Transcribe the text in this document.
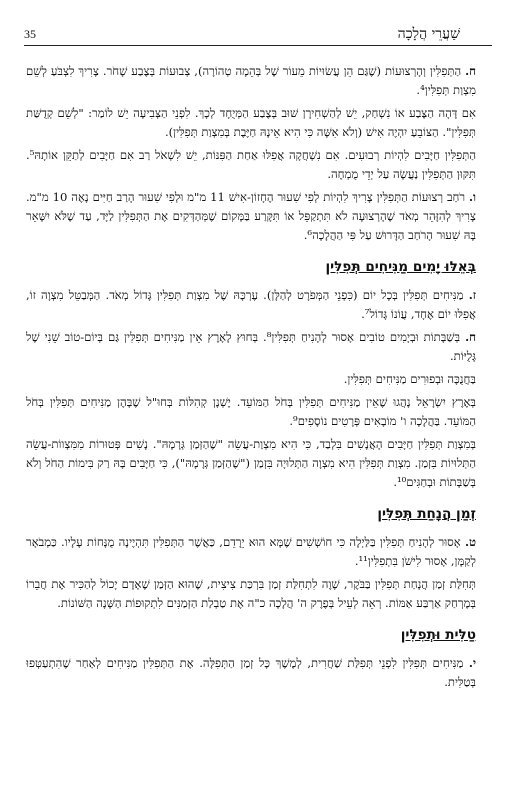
שַׁעֲרֵי הֲלָכָה
35

ח. הַתְּפִלִּין וְהָרְצוּעוֹת (שֶׁגַּם הֵן עֲשׂוּיוֹת מֵעוֹר שֶׁל בְּהֵמָה טְהוֹרָה), צְבוּעוֹת בְּצֶבַע שָׁחֹר. צָרִיךְ לִצְבֹּעַ לְשֵׁם מִצְוַת תְּפִלִּין⁴.

אִם דָּהָה הַצֶּבַע אוֹ נִשְׁחַק, יֵשׁ לְהַשְׁחִירָן שׁוּב בְּצֶבַע הַמְּיֻחָד לְכָךְ. לִפְנֵי הַצְּבִיעָה יֵשׁ לוֹמַר: "לְשֵׁם קְדֻשַּׁת תְּפִלִּין". הַצּוֹבֵעַ יִהְיֶה אִישׁ (וְלֹא אִשָּׁה כִּי הִיא אֵינָהּ חַיֶּבֶת בְּמִצְוַת תְּפִלִּין).

הַתְּפִלִּין חַיָּבִים לִהְיוֹת רְבוּעִים. אִם נִשְׁחֲקָה אֲפִלּוּ אַחַת הַפִּנּוֹת, יֵשׁ לִשְׁאֹל רַב אִם חַיָּבִים לְתַקֵּן אוֹתָהּ⁵. תִּקּוּן הַתְּפִלִּין נַעֲשָׂה עַל יְדֵי מֻמְחֶה.

ו. רֹחַב רְצוּעוֹת הַתְּפִלִּין צָרִיךְ לִהְיוֹת לְפִי שִׁעוּר הֶחָזוֹן-אִישׁ 11 מ"מ וּלְפִי שִׁעוּר הָרַב חַיִּים נָאֶה 10 מ"מ. צָרִיךְ לְהִזָּהֵר מְאֹד שֶׁהָרְצוּעָה לֹא תִּתְקַפֵּל אוֹ תִּקָּרַע בַּמָּקוֹם שֶׁמְּהַדְּקִים אֶת הַתְּפִלִּין לַיָּד, עַד שֶׁלֹּא יִשָּׁאֵר בָּהּ שִׁעוּר הָרֹחַב הַדָּרוּשׁ עַל פִּי הַהֲלָכָה⁶.

בְּאֵלּוּ יָמִים מַנִּיחִים תְּפִלִּין

ז. מַנִּיחִים תְּפִלִּין בְּכָל יוֹם (כִּפְנֵי הַמְּפֹרָט לְהַלָּן). עֶרְכָּהּ שֶׁל מִצְוַת תְּפִלִּין גָּדוֹל מְאֹד. הַמְּבַטֵּל מִצְוָה זוֹ, אֲפִלּוּ יוֹם אֶחָד, עֲוֹנוֹ גָּדוֹל⁷.

ח. בְּשַׁבָּתוֹת וּבְיָמִים טוֹבִים אָסוּר לְהָנִיחַ תְּפִלִּין⁸. בְּחוּץ לָאָרֶץ אֵין מַנִּיחִים תְּפִלִּין גַּם בְּיוֹם-טוֹב שֵׁנִי שֶׁל גָּלֻיּוֹת.

בַּחֲנֻכָּה וּבְפוּרִים מַנִּיחִים תְּפִלִּין.

בְּאֶרֶץ יִשְׂרָאֵל נָהֲגוּ שֶׁאֵין מַנִּיחִים תְּפִלִּין בְּחֹל הַמּוֹעֵד. יֶשְׁנָן קְהִלּוֹת בְּחוּ"ל שֶׁבָּהֶן מַנִּיחִים תְּפִלִּין בְּחֹל הַמּוֹעֵד. בַּהֲלָכָה ו' מוֹבָאִים פְּרָטִים נוֹסָפִים⁹.

בְּמִצְוַת תְּפִלִּין חַיָּבִים הָאֲנָשִׁים בִּלְבַד, כִּי הִיא מִצְוַת-עֲשֵׂה "שֶׁהַזְּמַן גְּרָמָהּ". נָשִׁים פְּטוּרוֹת מִמִּצְווֹת-עֲשֵׂה הַתְּלוּיוֹת בִּזְמַן. מִצְוַת תְּפִלִּין הִיא מִצְוָה הַתְּלוּיָה בִּזְמַן ("שֶׁהַזְּמַן גְּרָמָהּ"), כִּי חַיָּבִים בָּהּ רַק בִּימוֹת הַחֹל וְלֹא בְּשַׁבָּתוֹת וּבְחַגִּים¹⁰.

זְמַן הֲנָחַת תְּפִלִּין

ט. אָסוּר לְהָנִיחַ תְּפִלִּין בַּלַּיְלָה כִּי חוֹשְׁשִׁים שֶׁמָּא הוּא יֵרָדֵם, כַּאֲשֶׁר הַתְּפִלִּין תִּהְיֶינָה מֻנָּחוֹת עָלָיו. כַּמְבֹאָר לְקַמָּן, אָסוּר לִישֹׁן בִּתְפִלִּין¹¹.

תְּחִלַּת זְמַן הֲנָחַת תְּפִלִּין בַּבֹּקֶר, שָׁוֶה לִתְחִלַּת זְמַן בִּרְכַּת צִיצִית, שֶׁהוּא הַזְּמַן שֶׁאָדָם יָכוֹל לְהַכִּיר אֶת חֲבֵרוֹ בְּמֶרְחַק אַרְבַּע אַמּוֹת. רְאֵה לְעֵיל בְּפֶרֶק ה' הֲלָכָה כ"ה אֶת טַבְלַת הַזְּמַנִּים לִתְקוּפוֹת הַשָּׁנָה הַשּׁוֹנוֹת.

טַלִּית וּתְפִלִּין

י. מַנִּיחִים תְּפִלִּין לִפְנֵי תְּפִלַּת שַׁחֲרִית, לְמֶשֶׁךְ כָּל זְמַן הַתְּפִלָּה. אֶת הַתְּפִלִּין מַנִּיחִים לְאַחַר שֶׁהִתְעַטְּפוּ בְּטַלִּית.
